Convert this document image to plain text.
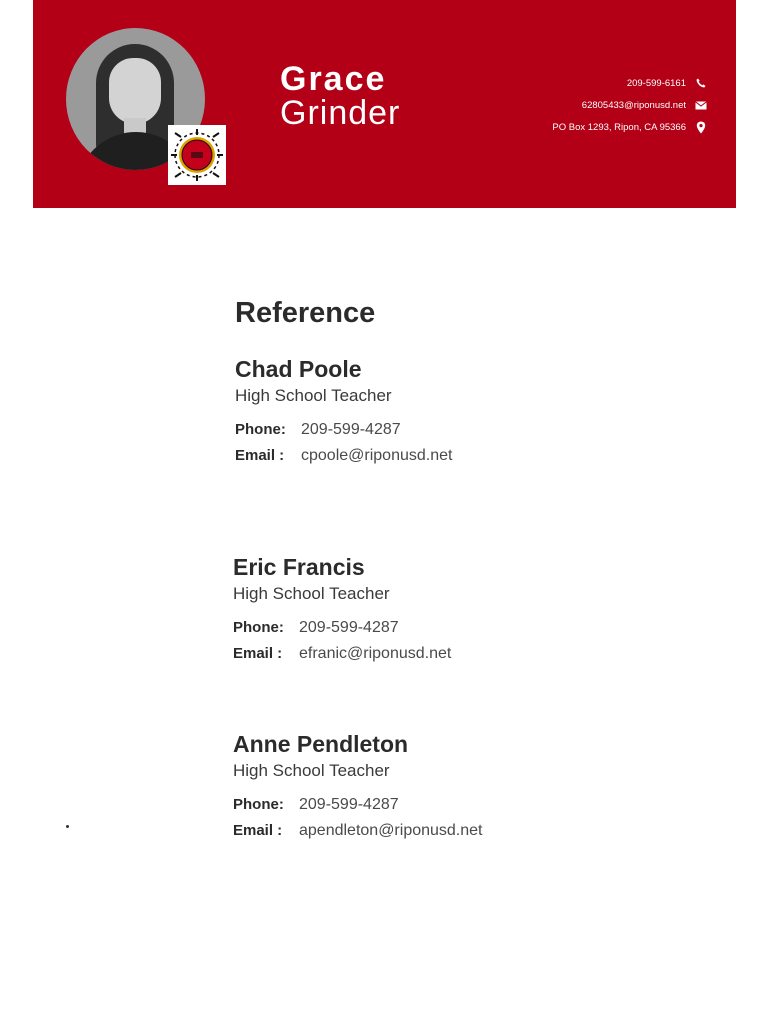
Grace
Grinder
209-599-6161
62805433@riponusd.net
PO Box 1293, Ripon, CA 95366
Reference
Chad Poole
High School Teacher
Phone: 209-599-4287
Email :	cpoole@riponusd.net
Eric Francis
High School Teacher
Phone: 209-599-4287
Email :	efranic@riponusd.net
Anne Pendleton
High School Teacher
Phone: 209-599-4287
Email :	apendleton@riponusd.net
